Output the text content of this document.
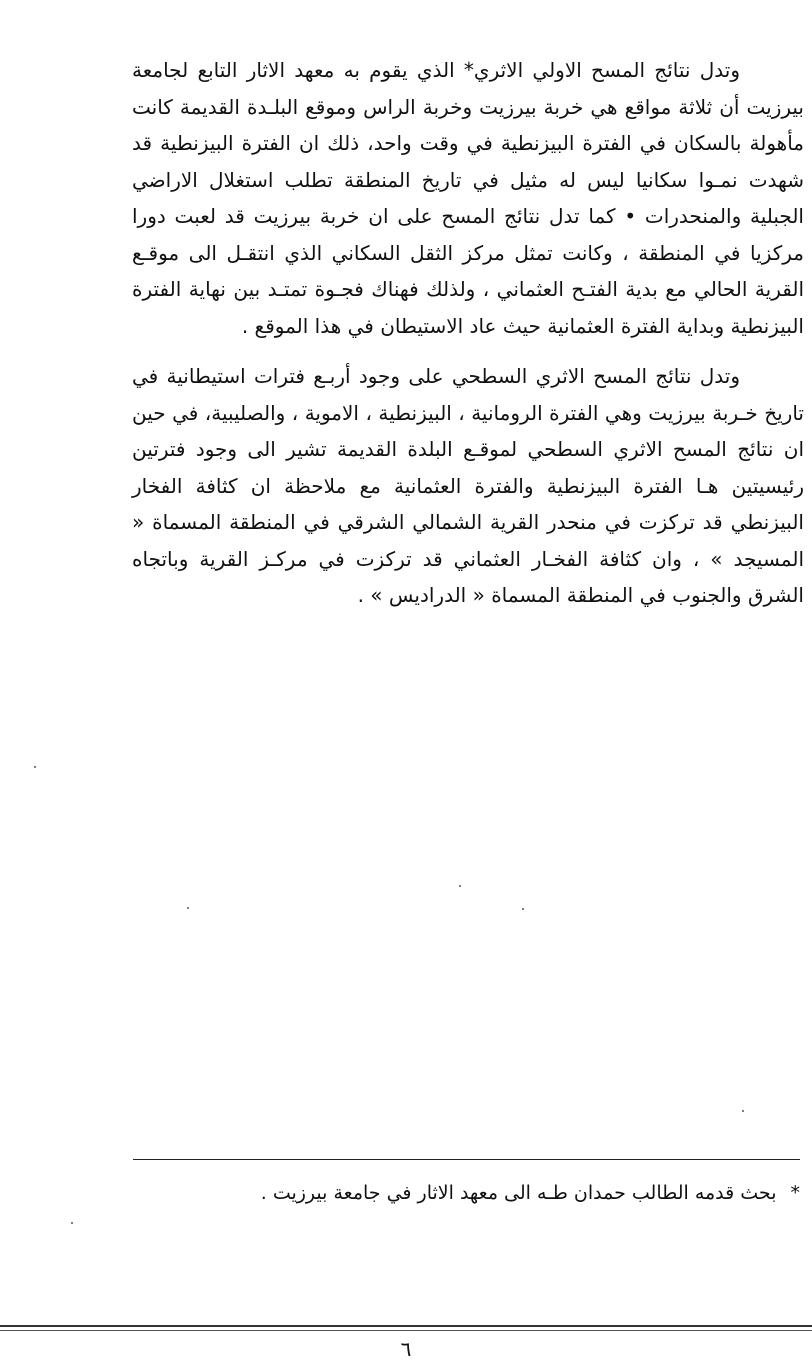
وتدل نتائج المسح الاولي الاثري* الذي يقوم به معهد الاثار التابع لجامعة بيرزيت أن ثلاثة مواقع هي خربة بيرزيت وخربة الراس وموقع البلـدة القديمة كانت مأهولة بالسكان في الفترة البيزنطية في وقت واحد، ذلك ان الفترة البيزنطية قد شهدت نمـوا سكانيا ليس له مثيل في تاريخ المنطقة تطلب استغلال الاراضي الجبلية والمنحدرات • كما تدل نتائج المسح على ان خربة بيرزيت قد لعبت دورا مركزيا في المنطقة ، وكانت تمثل مركز الثقل السكاني الذي انتقـل الى موقـع القرية الحالي مع بدية الفتـح العثماني ، ولذلك فهناك فجـوة تمتـد بين نهاية الفترة البيزنطية وبداية الفترة العثمانية حيث عاد الاستيطان في هذا الموقع .

وتدل نتائج المسح الاثري السطحي على وجود أربـع فترات استيطانية في تاريخ خـربة بيرزيت وهي الفترة الرومانية ، البيزنطية ، الاموية ، والصليبية، في حين ان نتائج المسح الاثري السطحي لموقـع البلدة القديمة تشير الى وجود فترتين رئيسيتين هـا الفترة البيزنطية والفترة العثمانية مع ملاحظة ان كثافة الفخار البيزنطي قد تركزت في منحدر القرية الشمالي الشرقي في المنطقة المسماة « المسيجد » ، وان كثافة الفخـار العثماني قد تركزت في مركـز القرية وباتجاه الشرق والجنوب في المنطقة المسماة « الدراديس » .

*بحث قدمه الطالب حمدان طـه الى معهد الاثار في جامعة بيرزيت .

٦
